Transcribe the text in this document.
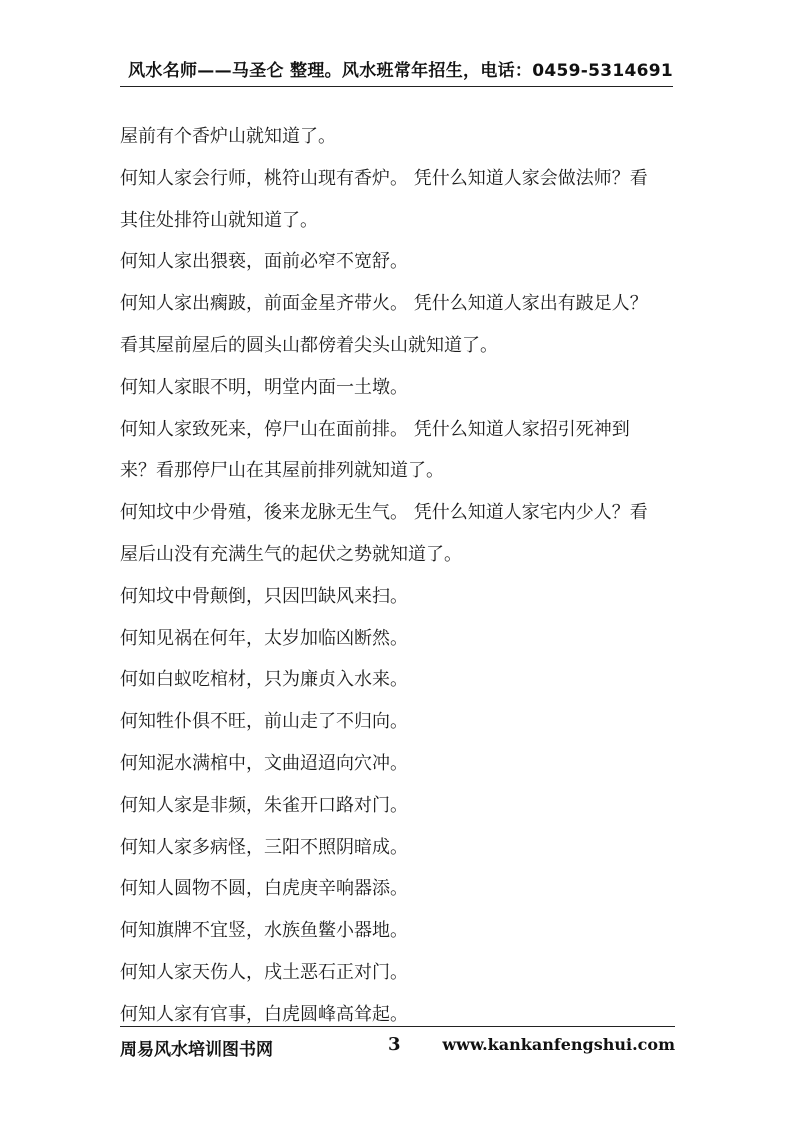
风水名师——马圣仑 整理。风水班常年招生，电话：0459-5314691
屋前有个香炉山就知道了。
何知人家会行师，桃符山现有香炉。 凭什么知道人家会做法师？看
其住处排符山就知道了。
何知人家出猥亵，面前必窄不宽舒。
何知人家出瘸跛，前面金星齐带火。 凭什么知道人家出有跛足人？
看其屋前屋后的圆头山都傍着尖头山就知道了。
何知人家眼不明，明堂内面一土墩。
何知人家致死来，停尸山在面前排。 凭什么知道人家招引死神到
来？看那停尸山在其屋前排列就知道了。
何知坟中少骨殖，後来龙脉无生气。 凭什么知道人家宅内少人？看
屋后山没有充满生气的起伏之势就知道了。
何知坟中骨颠倒，只因凹缺风来扫。
何知见祸在何年，太岁加临凶断然。
何如白蚁吃棺材，只为廉贞入水来。
何知牲仆俱不旺，前山走了不归向。
何知泥水满棺中，文曲迢迢向穴冲。
何知人家是非频，朱雀开口路对门。
何知人家多病怪，三阳不照阴暗成。
何知人圆物不圆，白虎庚辛响器添。
何知旗牌不宜竖，水族鱼鳖小器地。
何知人家天伤人，戌土恶石正对门。
何知人家有官事，白虎圆峰高耸起。
周易风水培训图书网	3	www.kankanfengshui.com
